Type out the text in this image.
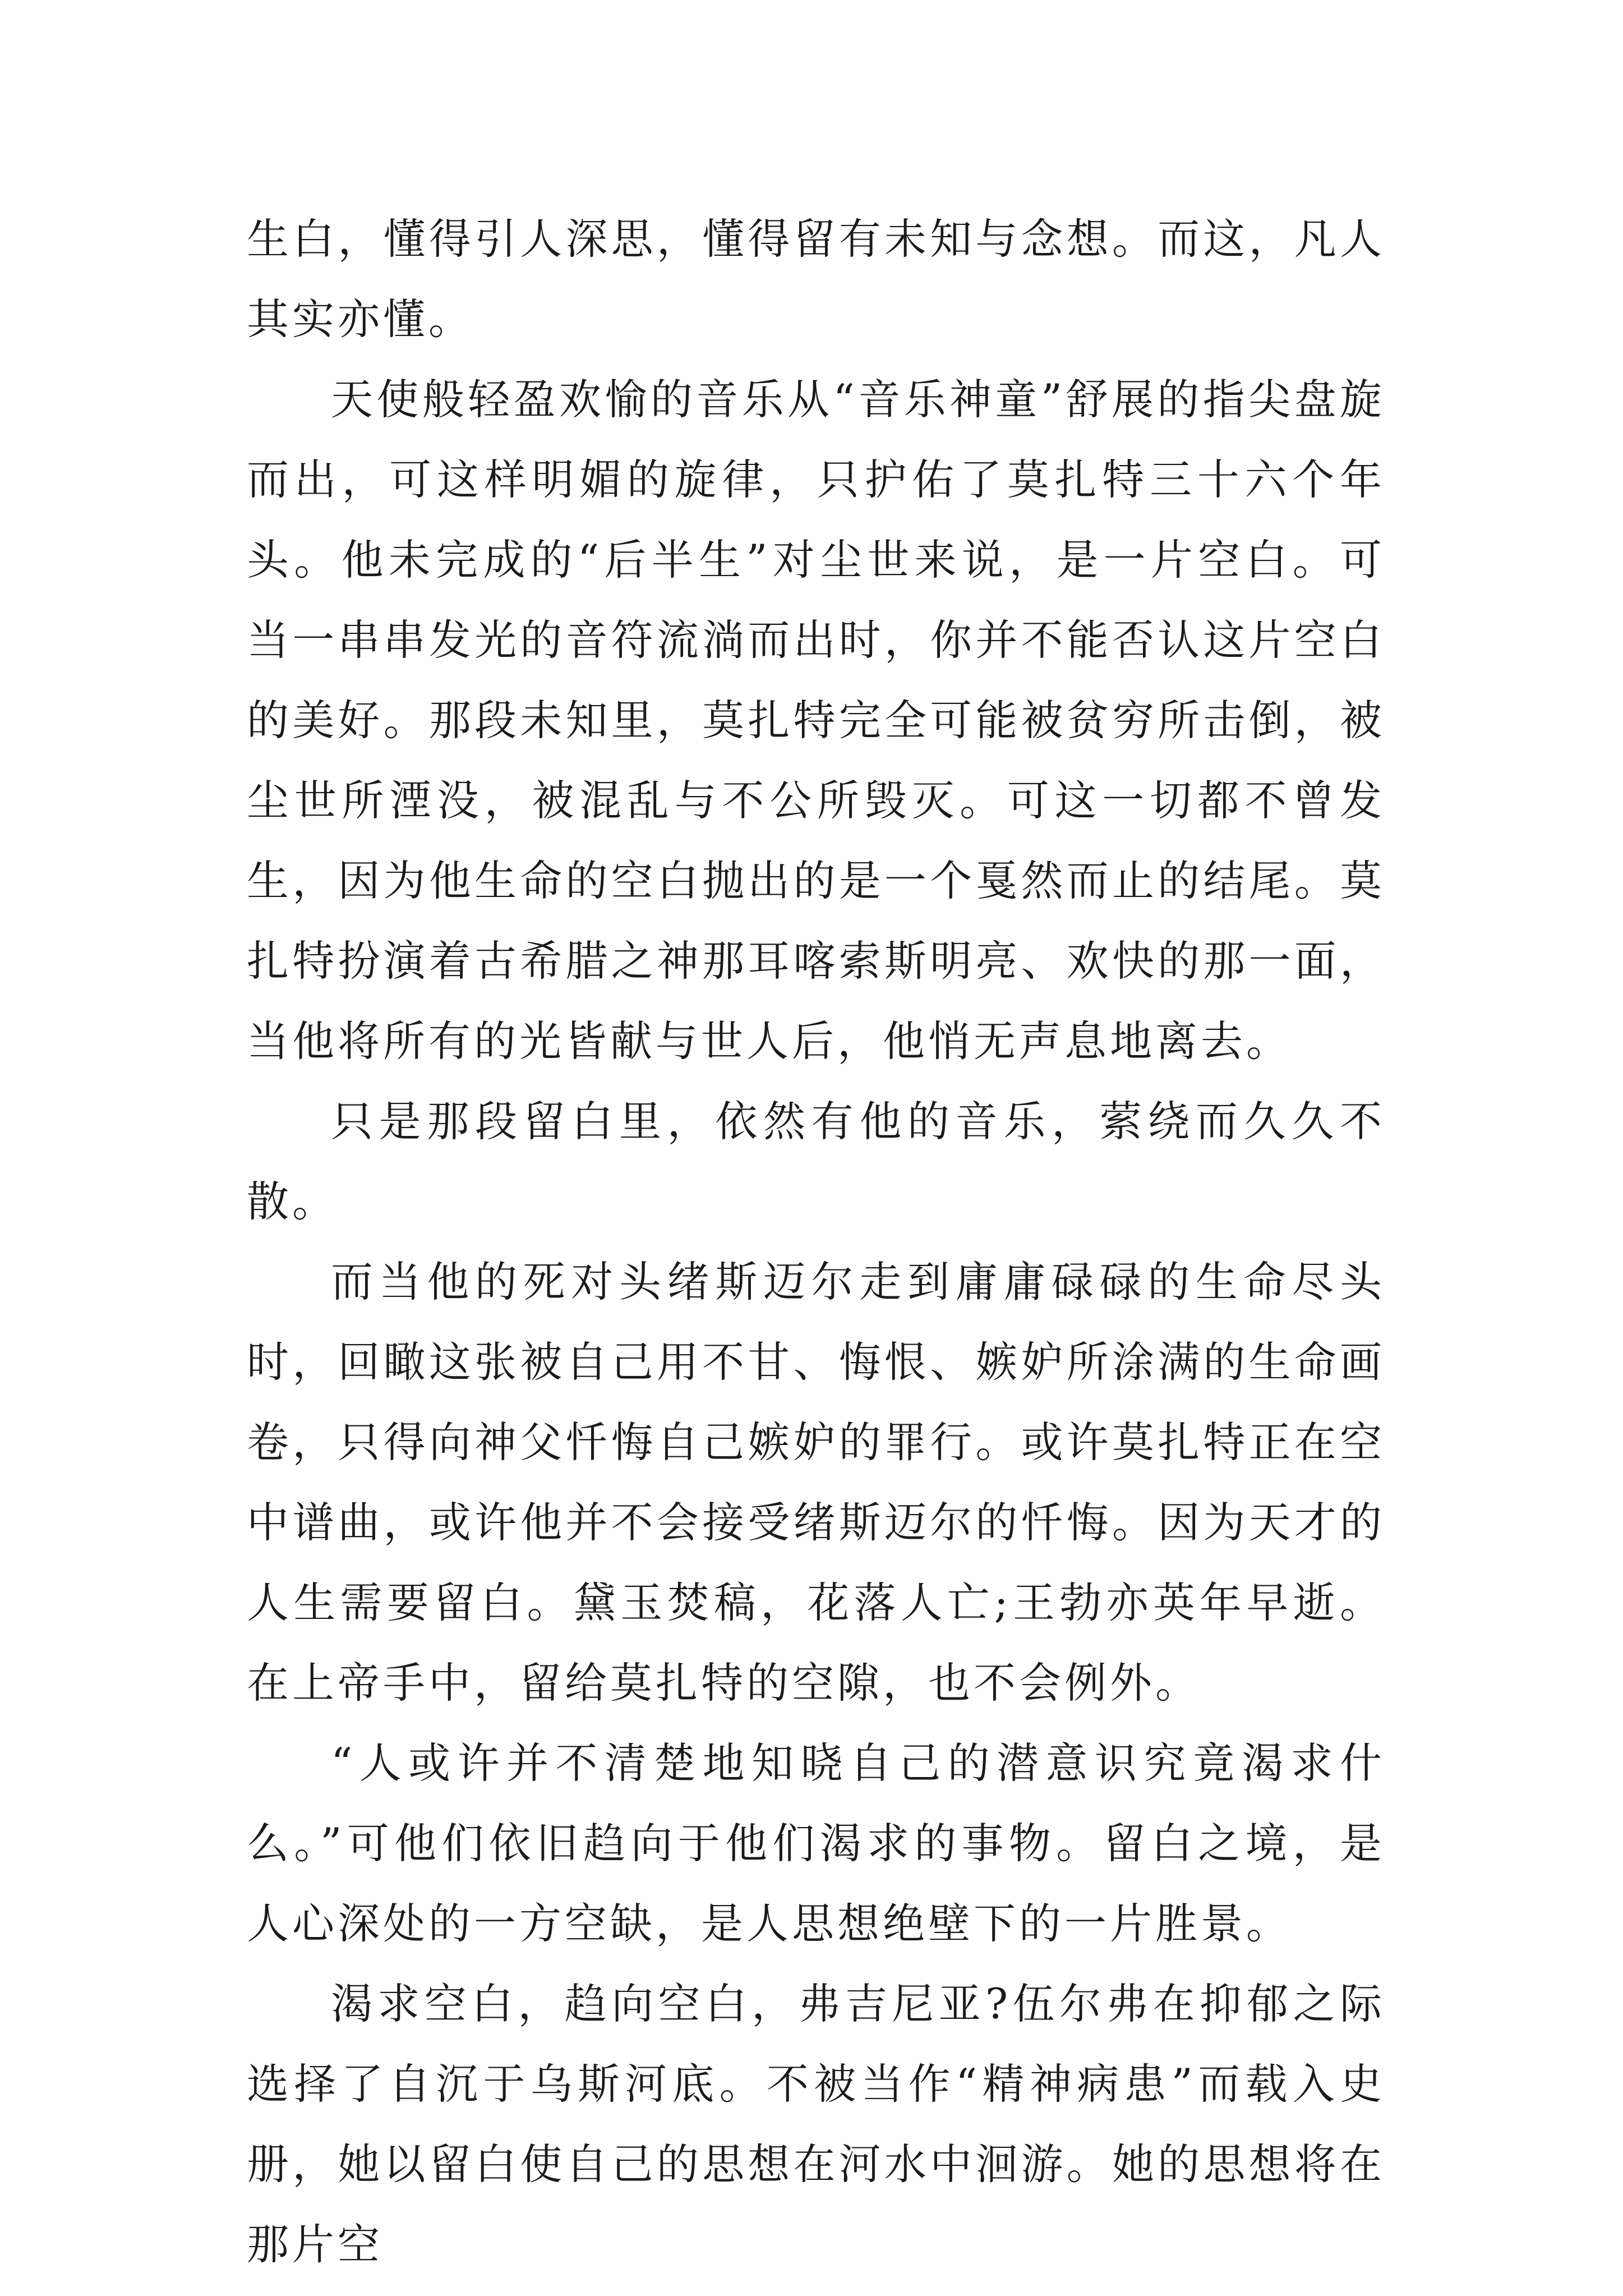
生白，懂得引人深思，懂得留有未知与念想。而这，凡人其实亦懂。

天使般轻盈欢愉的音乐从“音乐神童”舒展的指尖盘旋而出，可这样明媚的旋律，只护佑了莫扎特三十六个年头。他未完成的“后半生”对尘世来说，是一片空白。可当一串串发光的音符流淌而出时，你并不能否认这片空白的美好。那段未知里，莫扎特完全可能被贫穷所击倒，被尘世所湮没，被混乱与不公所毁灭。可这一切都不曾发生，因为他生命的空白抛出的是一个戛然而止的结尾。莫扎特扮演着古希腊之神那耳喀索斯明亮、欢快的那一面，当他将所有的光皆献与世人后，他悄无声息地离去。

只是那段留白里，依然有他的音乐，萦绕而久久不散。

而当他的死对头绪斯迈尔走到庸庸碌碌的生命尽头时，回瞰这张被自己用不甘、悔恨、嫉妒所涂满的生命画卷，只得向神父忏悔自己嫉妒的罪行。或许莫扎特正在空中谱曲，或许他并不会接受绪斯迈尔的忏悔。因为天才的人生需要留白。黛玉焚稿，花落人亡;王勃亦英年早逝。在上帝手中，留给莫扎特的空隙，也不会例外。

“人或许并不清楚地知晓自己的潜意识究竟渴求什么。”可他们依旧趋向于他们渴求的事物。留白之境，是人心深处的一方空缺，是人思想绝壁下的一片胜景。

渴求空白，趋向空白，弗吉尼亚?伍尔弗在抑郁之际选择了自沉于乌斯河底。不被当作“精神病患”而载入史册，她以留白使自己的思想在河水中洄游。她的思想将在那片空
